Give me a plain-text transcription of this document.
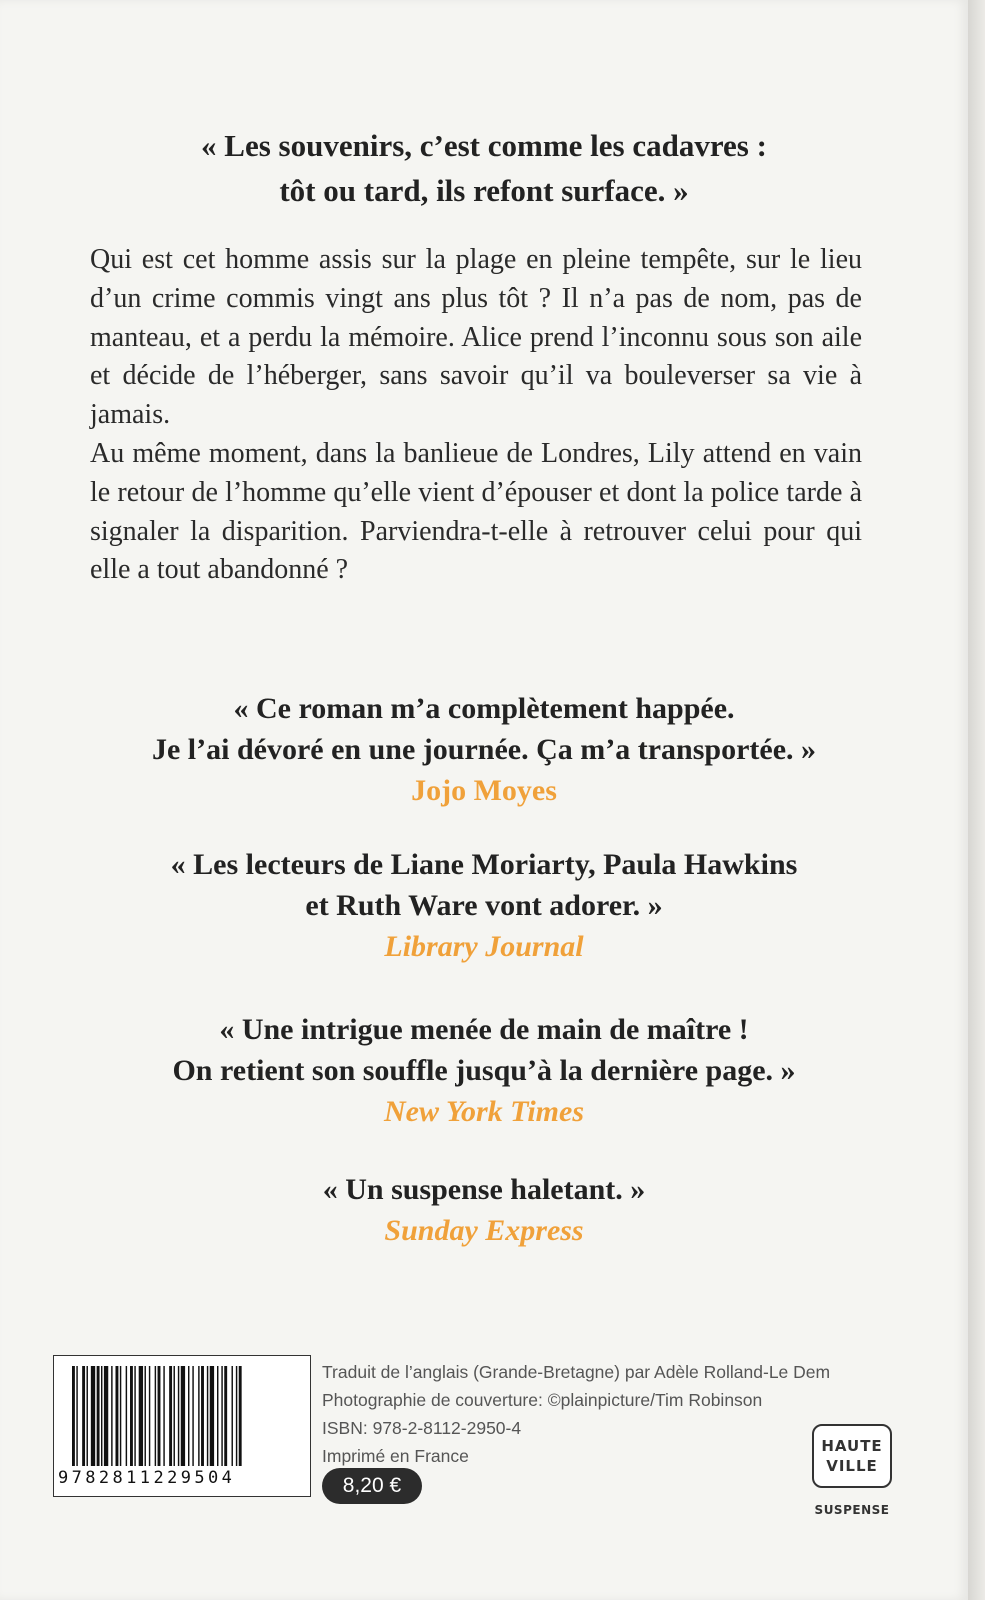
« Les souvenirs, c’est comme les cadavres :
tôt ou tard, ils refont surface. »

Qui est cet homme assis sur la plage en pleine tempête, sur le lieu d’un crime commis vingt ans plus tôt ? Il n’a pas de nom, pas de manteau, et a perdu la mémoire. Alice prend l’inconnu sous son aile et décide de l’héberger, sans savoir qu’il va bouleverser sa vie à jamais.

Au même moment, dans la banlieue de Londres, Lily attend en vain le retour de l’homme qu’elle vient d’épouser et dont la police tarde à signaler la disparition. Parviendra-t-elle à retrouver celui pour qui elle a tout abandonné ?

« Ce roman m’a complètement happée.
Je l’ai dévoré en une journée. Ça m’a transportée. »
Jojo Moyes
« Les lecteurs de Liane Moriarty, Paula Hawkins
et Ruth Ware vont adorer. »
Library Journal
« Une intrigue menée de main de maître !
On retient son souffle jusqu’à la dernière page. »
New York Times
« Un suspense haletant. »
Sunday Express
9782811229504
Traduit de l’anglais (Grande-Bretagne) par Adèle Rolland-Le Dem
Photographie de couverture: ©plainpicture/Tim Robinson
ISBN: 978-2-8112-2950-4
Imprimé en France
8,20 €
HAUTE
VILLE
SUSPENSE
